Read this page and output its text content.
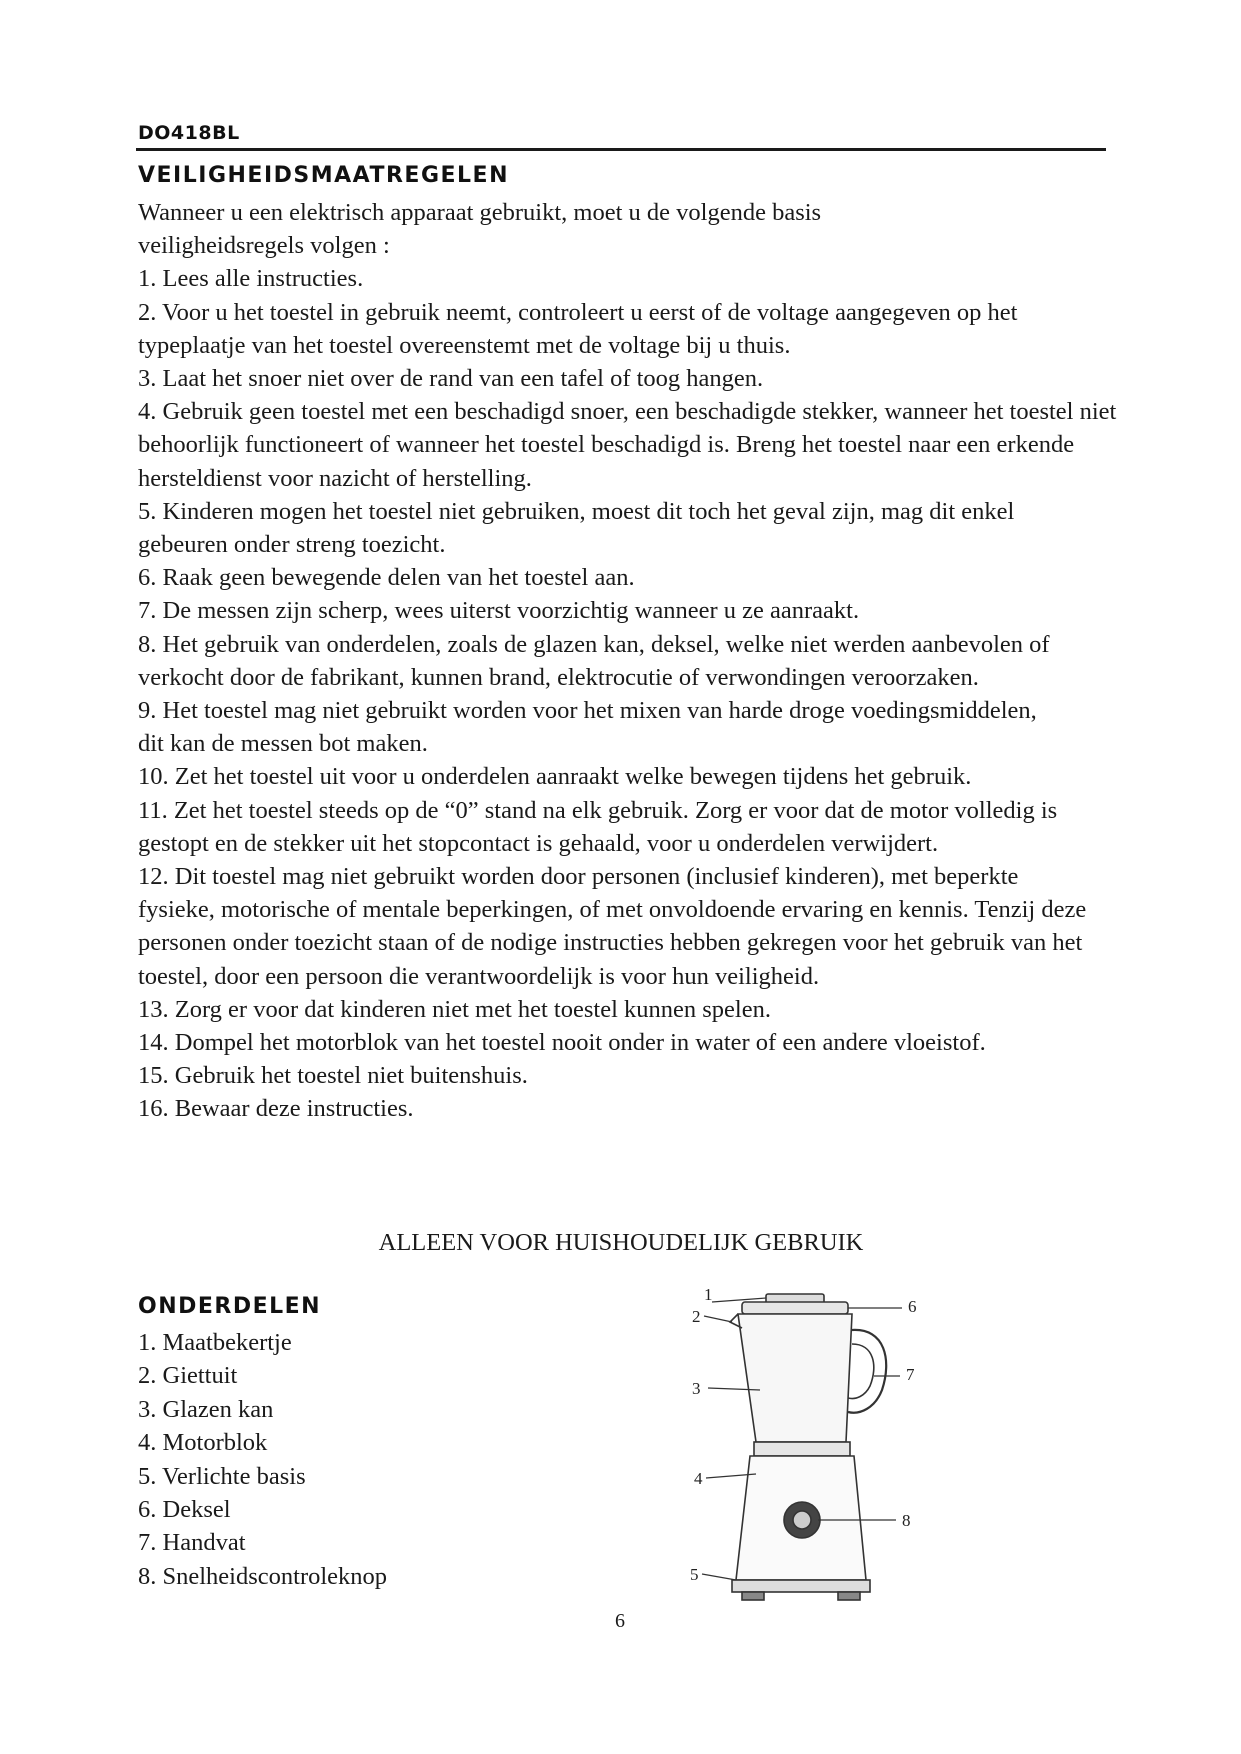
DO418BL
VEILIGHEIDSMAATREGELEN

Wanneer u een elektrisch apparaat gebruikt, moet u de volgende basis veiligheidsregels volgen :

1. Lees alle instructies.

2. Voor u het toestel in gebruik neemt, controleert u eerst of de voltage aangegeven op het typeplaatje van het toestel overeenstemt met de voltage bij u thuis.

3. Laat het snoer niet over de rand van een tafel of toog hangen.

4. Gebruik geen toestel met een beschadigd snoer, een beschadigde stekker, wanneer het toestel niet behoorlijk functioneert of wanneer het toestel beschadigd is. Breng het toestel naar een erkende hersteldienst voor nazicht of herstelling.

5. Kinderen mogen het toestel niet gebruiken, moest dit toch het geval zijn, mag dit enkel gebeuren onder streng toezicht.

6. Raak geen bewegende delen van het toestel aan.

7. De messen zijn scherp, wees uiterst voorzichtig wanneer u ze aanraakt.

8. Het gebruik van onderdelen, zoals de glazen kan, deksel, welke niet werden aanbevolen of verkocht door de fabrikant, kunnen brand, elektrocutie of verwondingen veroorzaken.

9. Het toestel mag niet gebruikt worden voor het mixen van harde droge voedingsmiddelen, dit kan de messen bot maken.

10. Zet het toestel uit voor u onderdelen aanraakt welke bewegen tijdens het gebruik.

11. Zet het toestel steeds op de “0” stand na elk gebruik. Zorg er voor dat de motor volledig is gestopt en de stekker uit het stopcontact is gehaald, voor u onderdelen verwijdert.

12. Dit toestel mag niet gebruikt worden door personen (inclusief kinderen), met beperkte fysieke, motorische of mentale beperkingen, of met onvoldoende ervaring en kennis. Tenzij deze personen onder toezicht staan of de nodige instructies hebben gekregen voor het gebruik van het toestel, door een persoon die verantwoordelijk is voor hun veiligheid.

13. Zorg er voor dat kinderen niet met het toestel kunnen spelen.

14. Dompel het motorblok van het toestel nooit onder in water of een andere vloeistof.

15. Gebruik het toestel niet buitenshuis.

16. Bewaar deze instructies.

ALLEEN VOOR HUISHOUDELIJK GEBRUIK
ONDERDELEN
1. Maatbekertje
2. Giettuit
3. Glazen kan
4. Motorblok
5. Verlichte basis
6. Deksel
7. Handvat
8. Snelheidscontroleknop
1
2
3
4
5
6
7
8
6
